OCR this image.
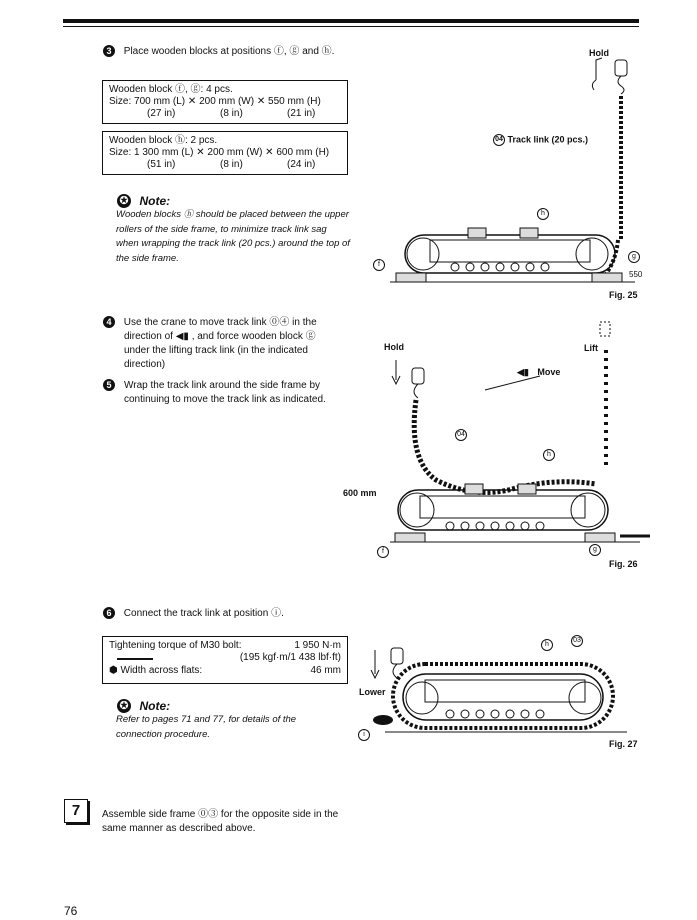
3 Place wooden blocks at positions ⓕ, ⓖ and ⓗ.
Wooden block ⓕ, ⓖ: 4 pcs.
Size: 700 mm (L) ✕ 200 mm (W) ✕ 550 mm (H)
(27 in)	(8 in)	(21 in)
Wooden block ⓗ: 2 pcs.
Size: 1 300 mm (L) ✕ 200 mm (W) ✕ 600 mm (H)
(51 in)	(8 in)	(24 in)
✪ Note:
Wooden blocks ⓗ should be placed between the upper rollers of the side frame, to minimize track link sag when wrapping the track link (20 pcs.) around the top of the side frame.
Hold
04 Track link (20 pcs.)
h
g
f
550
Fig. 25
4 Use the crane to move track link ⓪④ in the
direction of ◀▮ , and force wooden block ⓖ
under the lifting track link (in the indicated
direction)
5 Wrap the track link around the side frame by continuing to move the track link as indicated.
Hold	Lift
◀▮ Move
04
h
600 mm
f	g
Fig. 26
6 Connect the track link at position ⓘ.
Tightening torque of M30 bolt:	1 950 N·m
(195 kgf·m/1 438 lbf·ft)
⬢ Width across flats:	46 mm
✪ Note:
Refer to pages 71 and 77, for details of the connection procedure.
Lower
h
03
i
Fig. 27
7	Assemble side frame ⓪③ for the opposite side in the same manner as described above.
76
